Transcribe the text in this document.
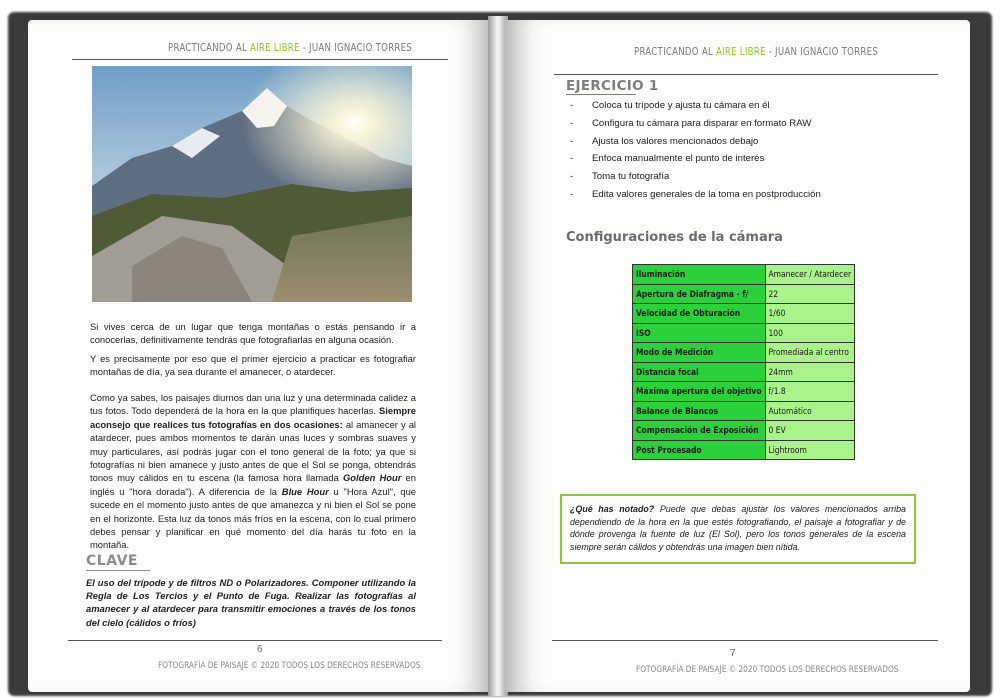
PRACTICANDO AL AIRE LIBRE - JUAN IGNACIO TORRES

Si vives cerca de un lugar que tenga montañas o estás pensando ir a conocerlas, definitivamente tendrás que fotografiarlas en alguna ocasión.

Y es precisamente por eso que el primer ejercicio a practicar es fotografiar montañas de día, ya sea durante el amanecer, o atardecer.

Como ya sabes, los paisajes diurnos dan una luz y una determinada calidez a tus fotos. Todo dependerá de la hora en la que planifiques hacerlas. Siempre aconsejo que realices tus fotografías en dos ocasiones: al amanecer y al atardecer, pues ambos momentos te darán unas luces y sombras suaves y muy particulares, así podrás jugar con el tono general de la foto; ya que si fotografías ni bien amanece y justo antes de que el Sol se ponga, obtendrás tonos muy cálidos en tu escena (la famosa hora llamada Golden Hour en inglés u "hora dorada"). A diferencia de la Blue Hour u "Hora Azul", que sucede en el momento justo antes de que amanezca y ni bien el Sol se pone en el horizonte. Esta luz da tonos más fríos en la escena, con lo cual primero debes pensar y planificar en qué momento del día harás tu foto en la montaña.

CLAVE

El uso del trípode y de filtros ND o Polarizadores. Componer utilizando la Regla de Los Tercios y el Punto de Fuga. Realizar las fotografías al amanecer y al atardecer para transmitir emociones a través de los tonos del cielo (cálidos o fríos)

6
FOTOGRAFÍA DE PAISAJE © 2020 TODOS LOS DERECHOS RESERVADOS
PRACTICANDO AL AIRE LIBRE - JUAN IGNACIO TORRES
EJERCICIO 1
- Coloca tu trípode y ajusta tu cámara en él
- Configura tu cámara para disparar en formato RAW
- Ajusta los valores mencionados debajo
- Enfoca manualmente el punto de interés
- Toma tu fotografía
- Edita valores generales de la toma en postproducción
Configuraciones de la cámara
Iluminación	Amanecer / Atardecer
Apertura de Diafragma - f/	22
Velocidad de Obturación	1/60
ISO	100
Modo de Medición	Promediada al centro
Distancia focal	24mm
Máxima apertura del objetivo	f/1.8
Balance de Blancos	Automático
Compensación de Exposición	0 EV
Post Procesado	Lightroom
¿Qué has notado? Puede que debas ajustar los valores mencionados arriba dependiendo de la hora en la que estés fotografiando, el paisaje a fotografiar y de dónde provenga la fuente de luz (El Sol), pero los tonos generales de la escena siempre serán cálidos y obtendrás una imagen bien nítida.
7
FOTOGRAFÍA DE PAISAJE © 2020 TODOS LOS DERECHOS RESERVADOS
